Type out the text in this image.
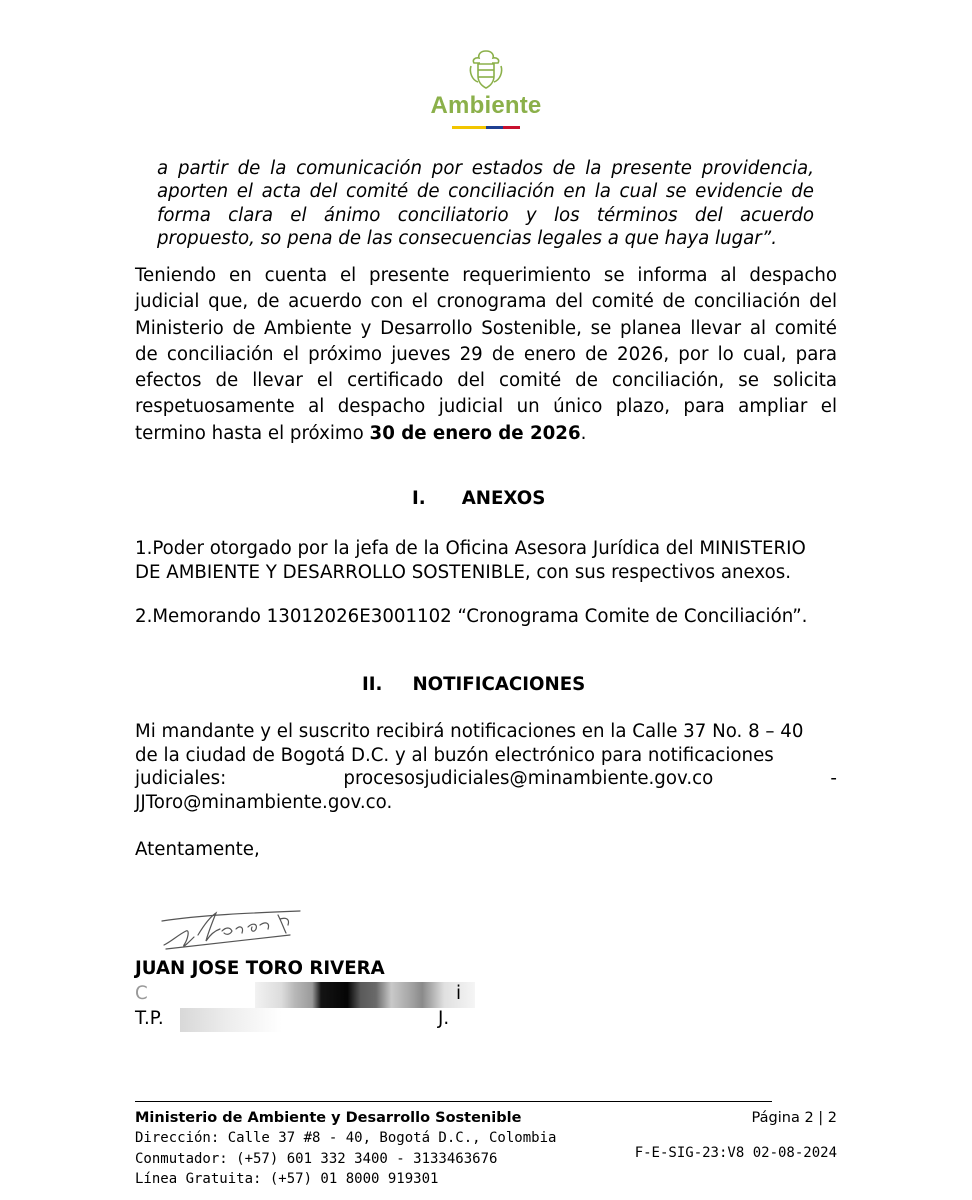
Ambiente
a partir de la comunicación por estados de la presente providencia,
aporten el acta del comité de conciliación en la cual se evidencie de
forma clara el ánimo conciliatorio y los términos del acuerdo
propuesto, so pena de las consecuencias legales a que haya lugar”.
Teniendo en cuenta el presente requerimiento se informa al despacho
judicial que, de acuerdo con el cronograma del comité de conciliación del
Ministerio de Ambiente y Desarrollo Sostenible, se planea llevar al comité
de conciliación el próximo jueves 29 de enero de 2026, por lo cual, para
efectos de llevar el certificado del comité de conciliación, se solicita
respetuosamente al despacho judicial un único plazo, para ampliar el
termino hasta el próximo 30 de enero de 2026.
I. ANEXOS
1.Poder otorgado por la jefa de la Oficina Asesora Jurídica del MINISTERIO
DE AMBIENTE Y DESARROLLO SOSTENIBLE, con sus respectivos anexos.
2.Memorando 13012026E3001102 “Cronograma Comite de Conciliación”.
II. NOTIFICACIONES
Mi mandante y el suscrito recibirá notificaciones en la Calle 37 No. 8 – 40
de la ciudad de Bogotá D.C. y al buzón electrónico para notificaciones
judiciales:	procesosjudiciales@minambiente.gov.co	-
JJToro@minambiente.gov.co.
Atentamente,
JUAN JOSE TORO RIVERA
C	i
T.P.	J.
Ministerio de Ambiente y Desarrollo Sostenible
Dirección: Calle 37 #8 - 40, Bogotá D.C., Colombia
Conmutador: (+57) 601 332 3400 - 3133463676
Línea Gratuita: (+57) 01 8000 919301
Página 2 | 2
F-E-SIG-23:V8 02-08-2024
